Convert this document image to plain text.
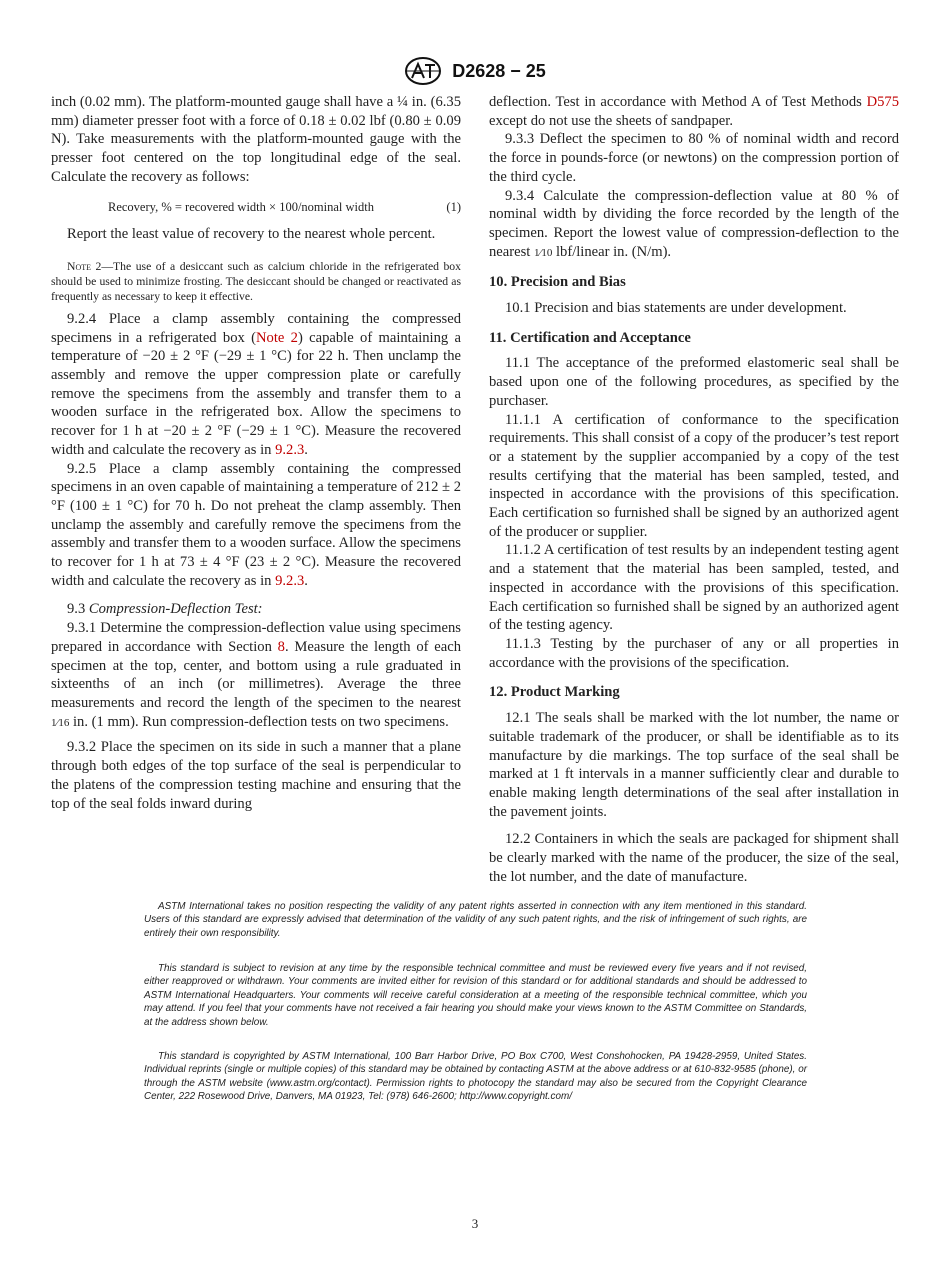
D2628 − 25

inch (0.02 mm). The platform-mounted gauge shall have a ¼ in. (6.35 mm) diameter presser foot with a force of 0.18 ± 0.02 lbf (0.80 ± 0.09 N). Take measurements with the platform-mounted gauge with the presser foot centered on the top longitudinal edge of the seal. Calculate the recovery as follows:

Recovery, % = recovered width × 100/nominal width	(1)

Report the least value of recovery to the nearest whole percent.

Note 2—The use of a desiccant such as calcium chloride in the refrigerated box should be used to minimize frosting. The desiccant should be changed or reactivated as frequently as necessary to keep it effective.

9.2.4 Place a clamp assembly containing the compressed specimens in a refrigerated box (Note 2) capable of maintaining a temperature of −20 ± 2 °F (−29 ± 1 °C) for 22 h. Then unclamp the assembly and remove the upper compression plate or carefully remove the specimens from the assembly and transfer them to a wooden surface in the refrigerated box. Allow the specimens to recover for 1 h at −20 ± 2 °F (−29 ± 1 °C). Measure the recovered width and calculate the recovery as in 9.2.3.

9.2.5 Place a clamp assembly containing the compressed specimens in an oven capable of maintaining a temperature of 212 ± 2 °F (100 ± 1 °C) for 70 h. Do not preheat the clamp assembly. Then unclamp the assembly and carefully remove the specimens from the assembly and transfer them to a wooden surface. Allow the specimens to recover for 1 h at 73 ± 4 °F (23 ± 2 °C). Measure the recovered width and calculate the recovery as in 9.2.3.

9.3 Compression-Deflection Test:

9.3.1 Determine the compression-deflection value using specimens prepared in accordance with Section 8. Measure the length of each specimen at the top, center, and bottom using a rule graduated in sixteenths of an inch (or millimetres). Average the three measurements and record the length of the specimen to the nearest 1⁄16 in. (1 mm). Run compression-deflection tests on two specimens.

9.3.2 Place the specimen on its side in such a manner that a plane through both edges of the top surface of the seal is perpendicular to the platens of the compression testing machine and ensuring that the top of the seal folds inward during

deflection. Test in accordance with Method A of Test Methods D575 except do not use the sheets of sandpaper.

9.3.3 Deflect the specimen to 80 % of nominal width and record the force in pounds-force (or newtons) on the compression portion of the third cycle.

9.3.4 Calculate the compression-deflection value at 80 % of nominal width by dividing the force recorded by the length of the specimen. Report the lowest value of compression-deflection to the nearest 1⁄10 lbf/linear in. (N/m).

10. Precision and Bias

10.1 Precision and bias statements are under development.

11. Certification and Acceptance

11.1 The acceptance of the preformed elastomeric seal shall be based upon one of the following procedures, as specified by the purchaser.

11.1.1 A certification of conformance to the specification requirements. This shall consist of a copy of the producer’s test report or a statement by the supplier accompanied by a copy of the test results certifying that the material has been sampled, tested, and inspected in accordance with the provisions of this specification. Each certification so furnished shall be signed by an authorized agent of the producer or supplier.

11.1.2 A certification of test results by an independent testing agent and a statement that the material has been sampled, tested, and inspected in accordance with the provisions of this specification. Each certification so furnished shall be signed by an authorized agent of the testing agency.

11.1.3 Testing by the purchaser of any or all properties in accordance with the provisions of the specification.

12. Product Marking

12.1 The seals shall be marked with the lot number, the name or suitable trademark of the producer, or shall be identifiable as to its manufacture by die markings. The top surface of the seal shall be marked at 1 ft intervals in a manner sufficiently clear and durable to enable making length determinations of the seal after installation in the pavement joints.

12.2 Containers in which the seals are packaged for shipment shall be clearly marked with the name of the producer, the size of the seal, the lot number, and the date of manufacture.

ASTM International takes no position respecting the validity of any patent rights asserted in connection with any item mentioned in this standard. Users of this standard are expressly advised that determination of the validity of any such patent rights, and the risk of infringement of such rights, are entirely their own responsibility.

This standard is subject to revision at any time by the responsible technical committee and must be reviewed every five years and if not revised, either reapproved or withdrawn. Your comments are invited either for revision of this standard or for additional standards and should be addressed to ASTM International Headquarters. Your comments will receive careful consideration at a meeting of the responsible technical committee, which you may attend. If you feel that your comments have not received a fair hearing you should make your views known to the ASTM Committee on Standards, at the address shown below.

This standard is copyrighted by ASTM International, 100 Barr Harbor Drive, PO Box C700, West Conshohocken, PA 19428-2959, United States. Individual reprints (single or multiple copies) of this standard may be obtained by contacting ASTM at the above address or at 610-832-9585 (phone), or through the ASTM website (www.astm.org/contact). Permission rights to photocopy the standard may also be secured from the Copyright Clearance Center, 222 Rosewood Drive, Danvers, MA 01923, Tel: (978) 646-2600; http://www.copyright.com/

3
